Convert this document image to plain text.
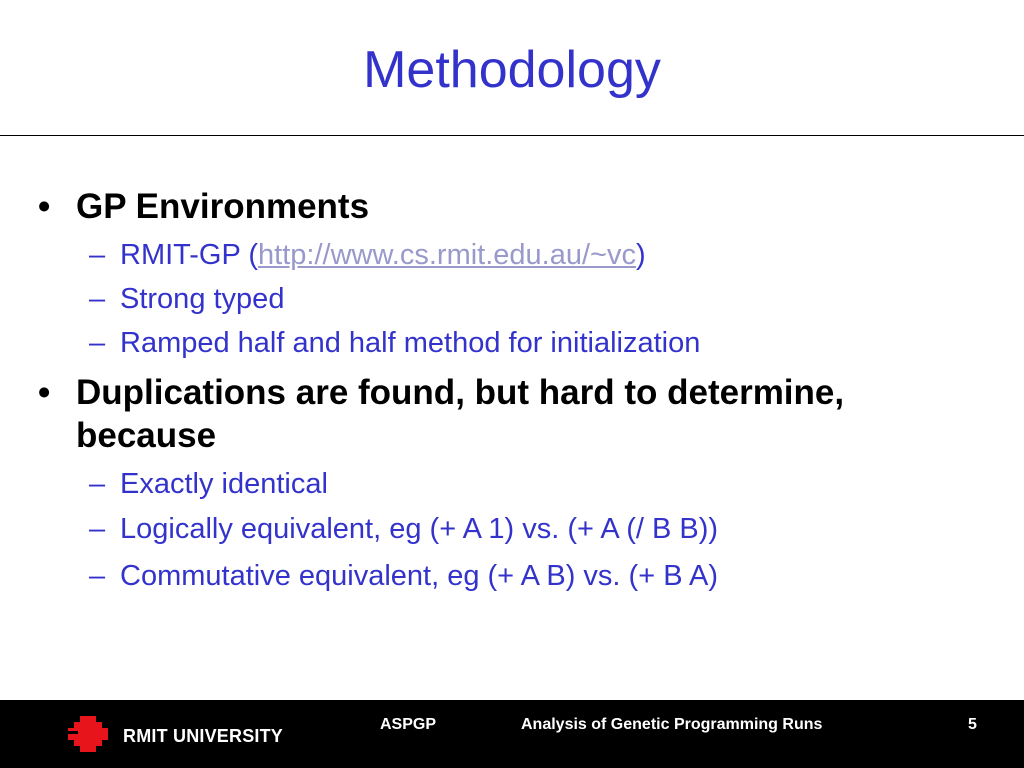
Methodology
• GP Environments
– RMIT-GP (http://www.cs.rmit.edu.au/~vc)
– Strong typed
– Ramped half and half method for initialization
• Duplications are found, but hard to determine,
because
– Exactly identical
– Logically equivalent, eg (+ A 1) vs. (+ A (/ B B))
– Commutative equivalent, eg (+ A B) vs. (+ B A)
RMIT UNIVERSITY
ASPGP	Analysis of Genetic Programming Runs	5
